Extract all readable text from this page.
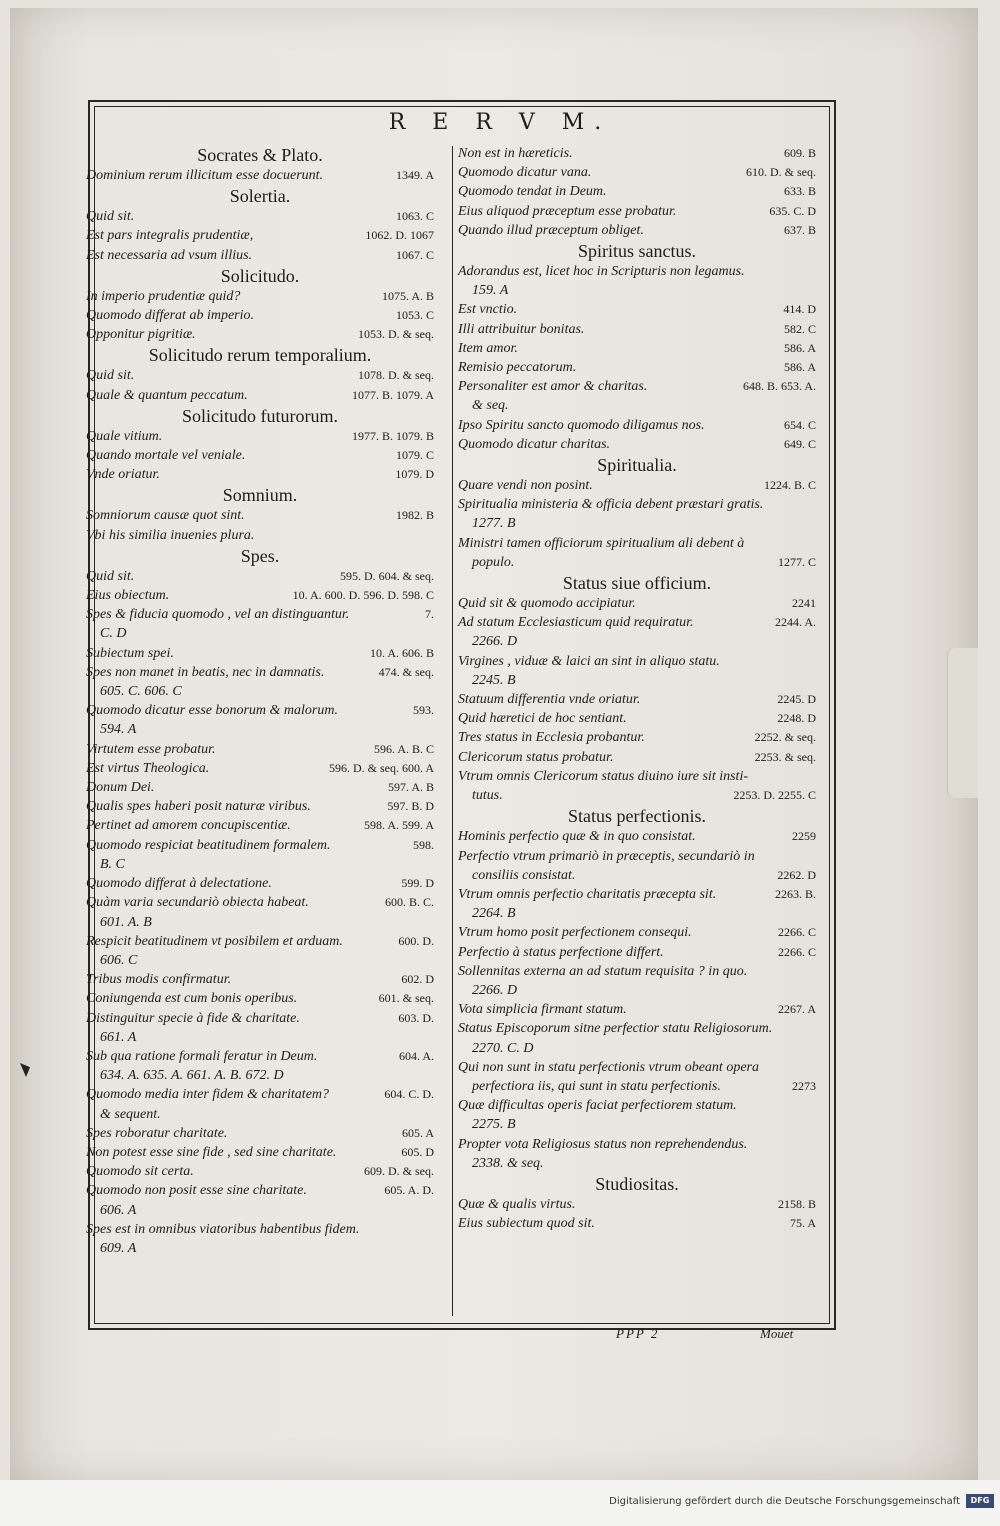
R E R V M.
Socrates & Plato.
Dominium rerum illicitum esse docuerunt.	1349. A
Solertia.
Quid sit.	1063. C
Est pars integralis prudentiæ,	1062. D. 1067
Est necessaria ad vsum illius.	1067. C
Solicitudo.
In imperio prudentiæ quid?	1075. A. B
Quomodo differat ab imperio.	1053. C
Opponitur pigritiæ.	1053. D. & seq.
Solicitudo rerum temporalium.
Quid sit.	1078. D. & seq.
Quale & quantum peccatum.	1077. B. 1079. A
Solicitudo futurorum.
Quale vitium.	1977. B. 1079. B
Quando mortale vel veniale.	1079. C
Vnde oriatur.	1079. D
Somnium.
Somniorum causæ quot sint.	1982. B
Vbi his similia inuenies plura.
Spes.
Quid sit.	595. D. 604. & seq.
Eius obiectum.	10. A. 600. D. 596. D. 598. C
Spes & fiducia quomodo , vel an distinguantur.	7.
C. D
Subiectum spei.	10. A. 606. B
Spes non manet in beatis, nec in damnatis.	474. & seq.
605. C. 606. C
Quomodo dicatur esse bonorum & malorum.	593.
594. A
Virtutem esse probatur.	596. A. B. C
Est virtus Theologica.	596. D. & seq. 600. A
Donum Dei.	597. A. B
Qualis spes haberi posit naturæ viribus.	597. B. D
Pertinet ad amorem concupiscentiæ.	598. A. 599. A
Quomodo respiciat beatitudinem formalem.	598.
B. C
Quomodo differat à delectatione.	599. D
Quàm varia secundariò obiecta habeat.	600. B. C.
601. A. B
Respicit beatitudinem vt posibilem et arduam.	600. D.
606. C
Tribus modis confirmatur.	602. D
Coniungenda est cum bonis operibus.	601. & seq.
Distinguitur specie à fide & charitate.	603. D.
661. A
Sub qua ratione formali feratur in Deum.	604. A.
634. A. 635. A. 661. A. B. 672. D
Quomodo media inter fidem & charitatem?	604. C. D.
& sequent.
Spes roboratur charitate.	605. A
Non potest esse sine fide , sed sine charitate.	605. D
Quomodo sit certa.	609. D. & seq.
Quomodo non posit esse sine charitate.	605. A. D.
606. A
Spes est in omnibus viatoribus habentibus fidem.
609. A
Non est in hæreticis.	609. B
Quomodo dicatur vana.	610. D. & seq.
Quomodo tendat in Deum.	633. B
Eius aliquod præceptum esse probatur.	635. C. D
Quando illud præceptum obliget.	637. B
Spiritus sanctus.
Adorandus est, licet hoc in Scripturis non legamus.
159. A
Est vnctio.	414. D
Illi attribuitur bonitas.	582. C
Item amor.	586. A
Remisio peccatorum.	586. A
Personaliter est amor & charitas.	648. B. 653. A.
& seq.
Ipso Spiritu sancto quomodo diligamus nos.	654. C
Quomodo dicatur charitas.	649. C
Spiritualia.
Quare vendi non posint.	1224. B. C
Spiritualia ministeria & officia debent præstari gratis.
1277. B
Ministri tamen officiorum spiritualium ali debent à
populo.	1277. C
Status siue officium.
Quid sit & quomodo accipiatur.	2241
Ad statum Ecclesiasticum quid requiratur.	2244. A.
2266. D
Virgines , viduæ & laici an sint in aliquo statu.
2245. B
Statuum differentia vnde oriatur.	2245. D
Quid hæretici de hoc sentiant.	2248. D
Tres status in Ecclesia probantur.	2252. & seq.
Clericorum status probatur.	2253. & seq.
Vtrum omnis Clericorum status diuino iure sit insti-
tutus.	2253. D. 2255. C
Status perfectionis.
Hominis perfectio quæ & in quo consistat.	2259
Perfectio vtrum primariò in præceptis, secundariò in
consiliis consistat.	2262. D
Vtrum omnis perfectio charitatis præcepta sit.	2263. B.
2264. B
Vtrum homo posit perfectionem consequi.	2266. C
Perfectio à status perfectione differt.	2266. C
Sollennitas externa an ad statum requisita ? in quo.
2266. D
Vota simplicia firmant statum.	2267. A
Status Episcoporum sitne perfectior statu Religiosorum.
2270. C. D
Qui non sunt in statu perfectionis vtrum obeant opera
perfectiora iis, qui sunt in statu perfectionis.	2273
Quæ difficultas operis faciat perfectiorem statum.
2275. B
Propter vota Religiosus status non reprehendendus.
2338. & seq.
Studiositas.
Quæ & qualis virtus.	2158. B
Eius subiectum quod sit.	75. A
PPP 2	Mouet
Digitalisierung gefördert durch die Deutsche Forschungsgemeinschaft	DFG
